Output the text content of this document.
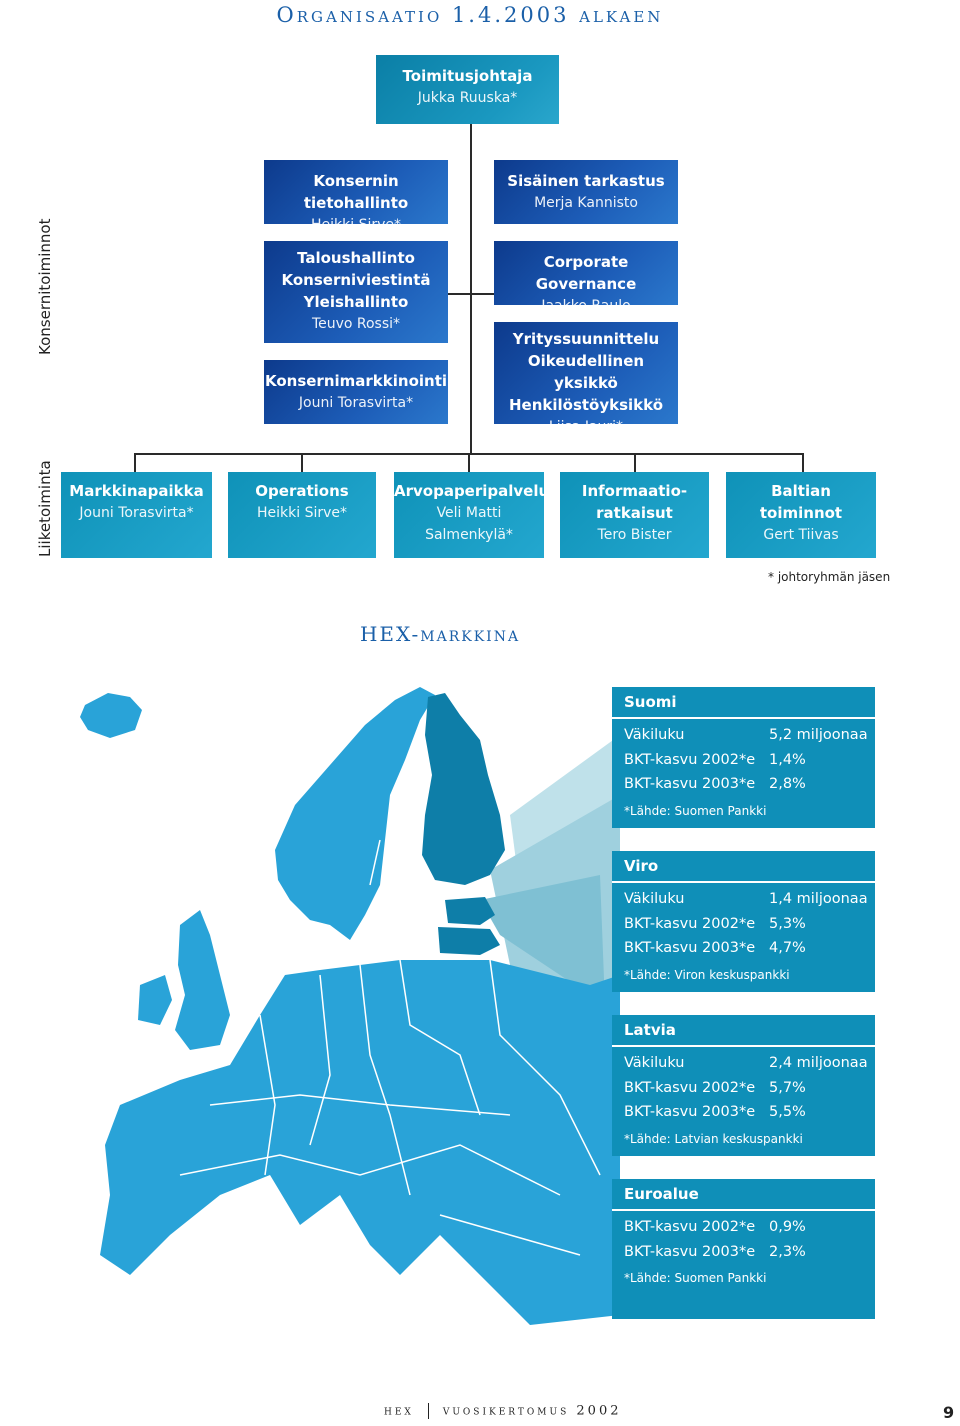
Organisaatio 1.4.2003 alkaen
Toimitusjohtaja
Jukka Ruuska*
Konsernitoiminnot
Liiketoiminta
Konsernin tietohallinto
Heikki Sirve*
Taloushallinto
Konserniviestintä
Yleishallinto
Teuvo Rossi*
Konsernimarkkinointi
Jouni Torasvirta*
Sisäinen tarkastus
Merja Kannisto
Corporate Governance
Jaakko Raulo
Yrityssuunnittelu
Oikeudellinen yksikkö
Henkilöstöyksikkö
Liisa Jauri*
Markkinapaikka
Jouni Torasvirta*
Operations
Heikki Sirve*
Arvopaperipalvelut
Veli Matti
Salmenkylä*
Informaatio-
ratkaisut
Tero Bister
Baltian
toiminnot
Gert Tiivas
* johtoryhmän jäsen
HEX-markkina
Suomi
Väkiluku	5,2 miljoonaa
BKT-kasvu 2002*e 1,4%
BKT-kasvu 2003*e 2,8%
*Lähde: Suomen Pankki
Viro
Väkiluku	1,4 miljoonaa
BKT-kasvu 2002*e 5,3%
BKT-kasvu 2003*e 4,7%
*Lähde: Viron keskuspankki
Latvia
Väkiluku	2,4 miljoonaa
BKT-kasvu 2002*e 5,7%
BKT-kasvu 2003*e 5,5%
*Lähde: Latvian keskuspankki
Euroalue
BKT-kasvu 2002*e 0,9%
BKT-kasvu 2003*e 2,3%
*Lähde: Suomen Pankki
hex vuosikertomus 2002	9
